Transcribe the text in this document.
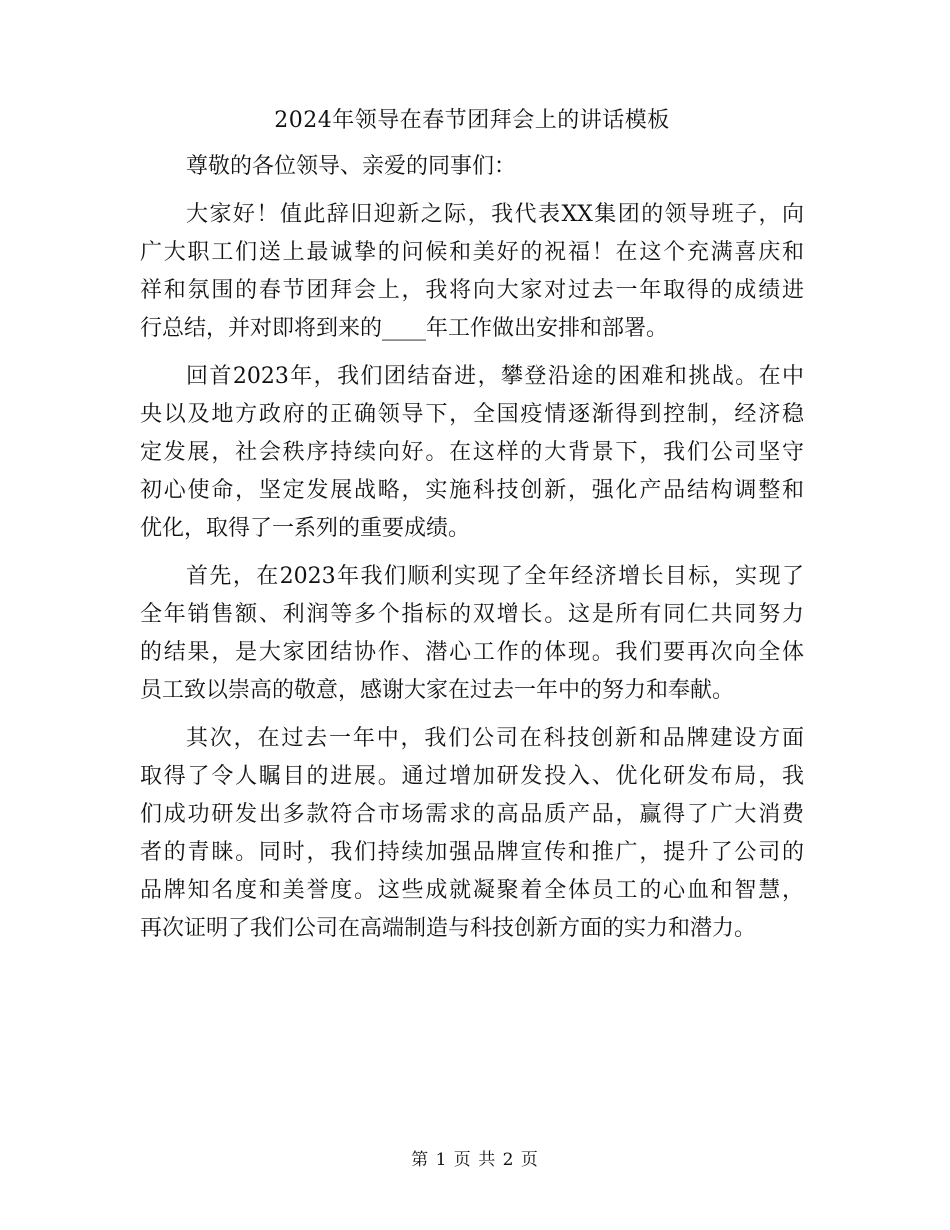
2024年领导在春节团拜会上的讲话模板

尊敬的各位领导、亲爱的同事们：

大家好！值此辞旧迎新之际，我代表XX集团的领导班子，向
广大职工们送上最诚挚的问候和美好的祝福！在这个充满喜庆和
祥和氛围的春节团拜会上，我将向大家对过去一年取得的成绩进
行总结，并对即将到来的____年工作做出安排和部署。
回首2023年，我们团结奋进，攀登沿途的困难和挑战。在中
央以及地方政府的正确领导下，全国疫情逐渐得到控制，经济稳
定发展，社会秩序持续向好。在这样的大背景下，我们公司坚守
初心使命，坚定发展战略，实施科技创新，强化产品结构调整和
优化，取得了一系列的重要成绩。
首先，在2023年我们顺利实现了全年经济增长目标，实现了
全年销售额、利润等多个指标的双增长。这是所有同仁共同努力
的结果，是大家团结协作、潜心工作的体现。我们要再次向全体
员工致以崇高的敬意，感谢大家在过去一年中的努力和奉献。
其次，在过去一年中，我们公司在科技创新和品牌建设方面
取得了令人瞩目的进展。通过增加研发投入、优化研发布局，我
们成功研发出多款符合市场需求的高品质产品，赢得了广大消费
者的青睐。同时，我们持续加强品牌宣传和推广，提升了公司的
品牌知名度和美誉度。这些成就凝聚着全体员工的心血和智慧，
再次证明了我们公司在高端制造与科技创新方面的实力和潜力。
第 1 页 共 2 页
